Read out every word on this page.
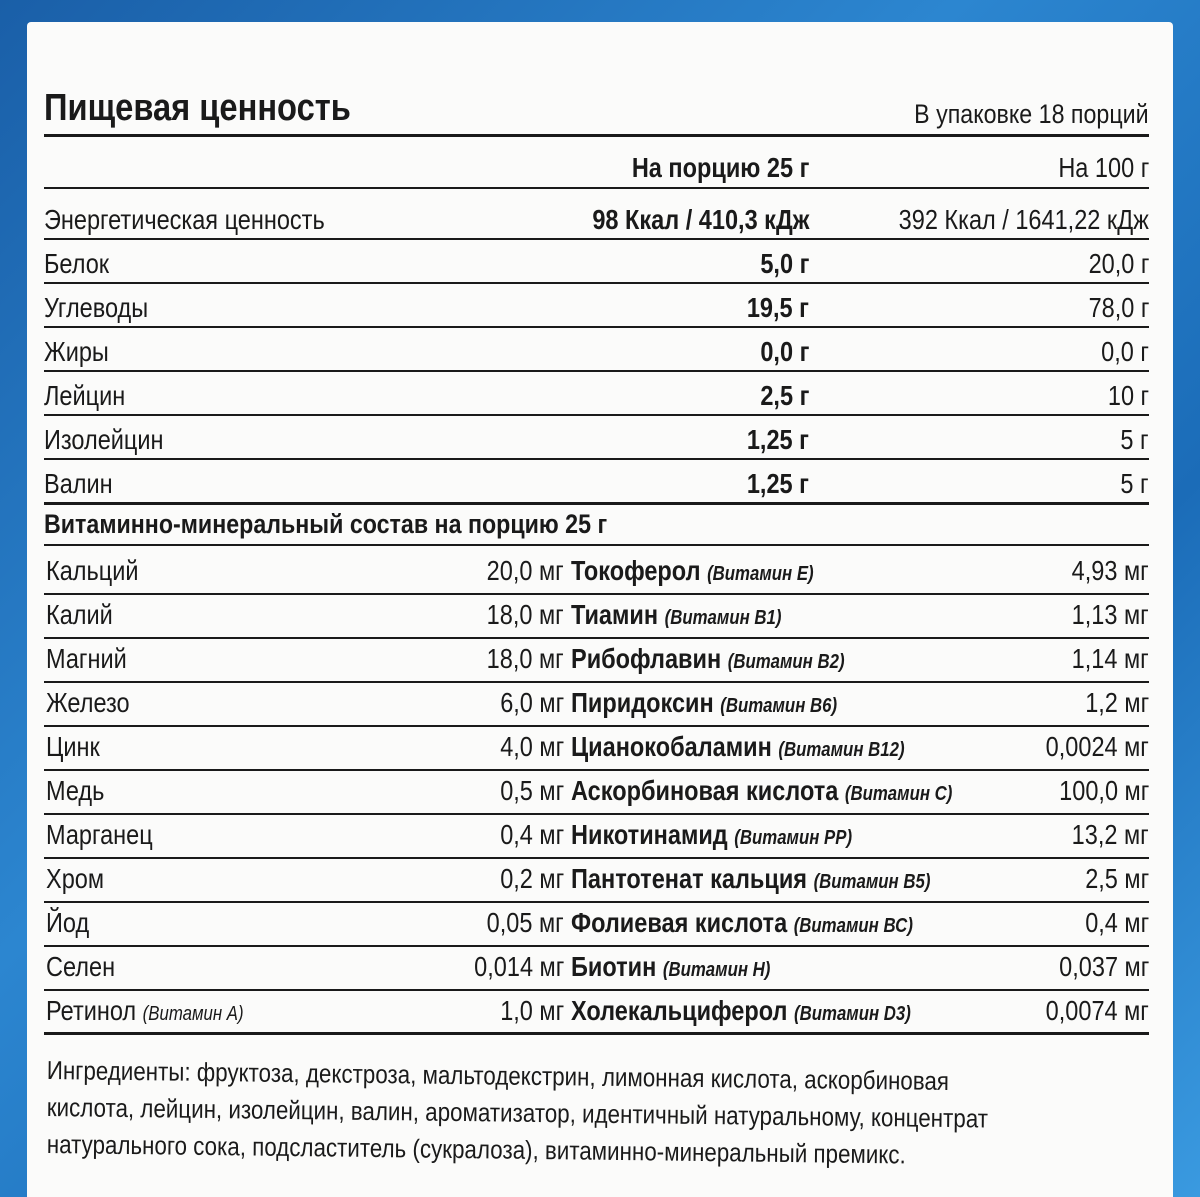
Пищевая ценность	В упаковке 18 порций
На порцию 25 г	На 100 г
Энергетическая ценность	98 Ккал / 410,3 кДж	392 Ккал / 1641,22 кДж
Белок	5,0 г	20,0 г
Углеводы	19,5 г	78,0 г
Жиры	0,0 г	0,0 г
Лейцин	2,5 г	10 г
Изолейцин	1,25 г	5 г
Валин	1,25 г	5 г
Витаминно-минеральный состав на порцию 25 г
Кальций	20,0 мг Токоферол (Витамин Е)	4,93 мг
Калий	18,0 мг Тиамин (Витамин В1)	1,13 мг
Магний	18,0 мг Рибофлавин (Витамин В2)	1,14 мг
Железо	6,0 мг Пиридоксин (Витамин В6)	1,2 мг
Цинк	4,0 мг Цианокобаламин (Витамин В12)	0,0024 мг
Медь	0,5 мг Аскорбиновая кислота (Витамин С)	100,0 мг
Марганец	0,4 мг Никотинамид (Витамин РР)	13,2 мг
Хром	0,2 мг Пантотенат кальция (Витамин В5)	2,5 мг
Йод	0,05 мг Фолиевая кислота (Витамин ВС)	0,4 мг
Селен	0,014 мг Биотин (Витамин Н)	0,037 мг
Ретинол (Витамин А)	1,0 мг Холекальциферол (Витамин D3)	0,0074 мг
Ингредиенты: фруктоза, декстроза, мальтодекстрин, лимонная кислота, аскорбиновая
кислота, лейцин, изолейцин, валин, ароматизатор, идентичный натуральному, концентрат
натурального сока, подсластитель (сукралоза), витаминно-минеральный премикс.
